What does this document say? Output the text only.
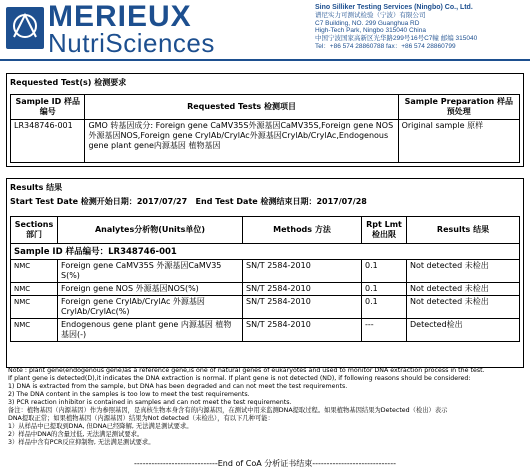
MERIEUX
NutriSciences
Sino Silliker Testing Services (Ningbo) Co., Ltd.
谱尼实力可测试检验（宁波）有限公司
C7 Building, NO. 299 Guanghua RD
High-Tech Park, Ningbo 315040 China
中国宁波国家高新区光华路299号16号C7幢 邮编 315040
Tel：+86 574 28860788 fax：+86 574 28860799
Requested Test(s) 检测要求
Sample ID 样品编号	Requested Tests 检测项目	Sample Preparation 样品预处理
LR348746-001	GMO 转基因成分: Foreign gene CaMV35S外源基因CaMV35S,Foreign gene NOS外源基因NOS,Foreign gene CrylAb/CrylAc外源基因CrylAb/CrylAc,Endogenous gene plant gene内源基因 植物基因	Original sample 原样
Results 结果
Start Test Date 检测开始日期：2017/07/27 End Test Date 检测结束日期：2017/07/28
Sections 部门	Analytes分析物(Units单位)	Methods 方法	Rpt Lmt 检出限	Results 结果
Sample ID 样品编号：LR348746-001				
NMC	Foreign gene CaMV35S 外源基因CaMV35 S(%)	SN/T 2584-2010	0.1	Not detected 未检出
NMC	Foreign gene NOS 外源基因NOS(%)	SN/T 2584-2010	0.1	Not detected 未检出
NMC	Foreign gene CrylAb/CrylAc 外源基因CrylAb/CrylAc(%)	SN/T 2584-2010	0.1	Not detected 未检出
NMC	Endogenous gene plant gene 内源基因 植物基因(-)	SN/T 2584-2010	---	Detected检出
Note : plant gene(endogenous gene)as a reference gene,is one of natural genes of eukaryotes and used to monitor DNA extraction process in the test.
If plant gene is detected(D),it indicates the DNA extraction is normal. If plant gene is not detected (ND), if following reasons should be considered:
1) DNA is extracted from the sample, but DNA has been degraded and can not meet the test requirements.
2) The DNA content in the samples is too low to meet the test requirements.
3) PCR reaction inhibitor is contained in samples and can not meet the test requirements.
备注：植物基因（内源基因）作为参照基因，是真核生物本身含有的内源基因，在测试中用来监测DNA提取过程。如果植物基因结果为Detected（检出）表示
DNA提取正常；如果植物基因（内源基因）结果为Not detected（未检出），有以下几种可能：
1）从样品中已提取到DNA, 但DNA已经降解, 无法满足测试要求。
2）样品中DNA的含量过低, 无法满足测试要求。
3）样品中含有PCR反应抑制物, 无法满足测试要求。
-----------------------------End of CoA 分析证书结束-----------------------------
